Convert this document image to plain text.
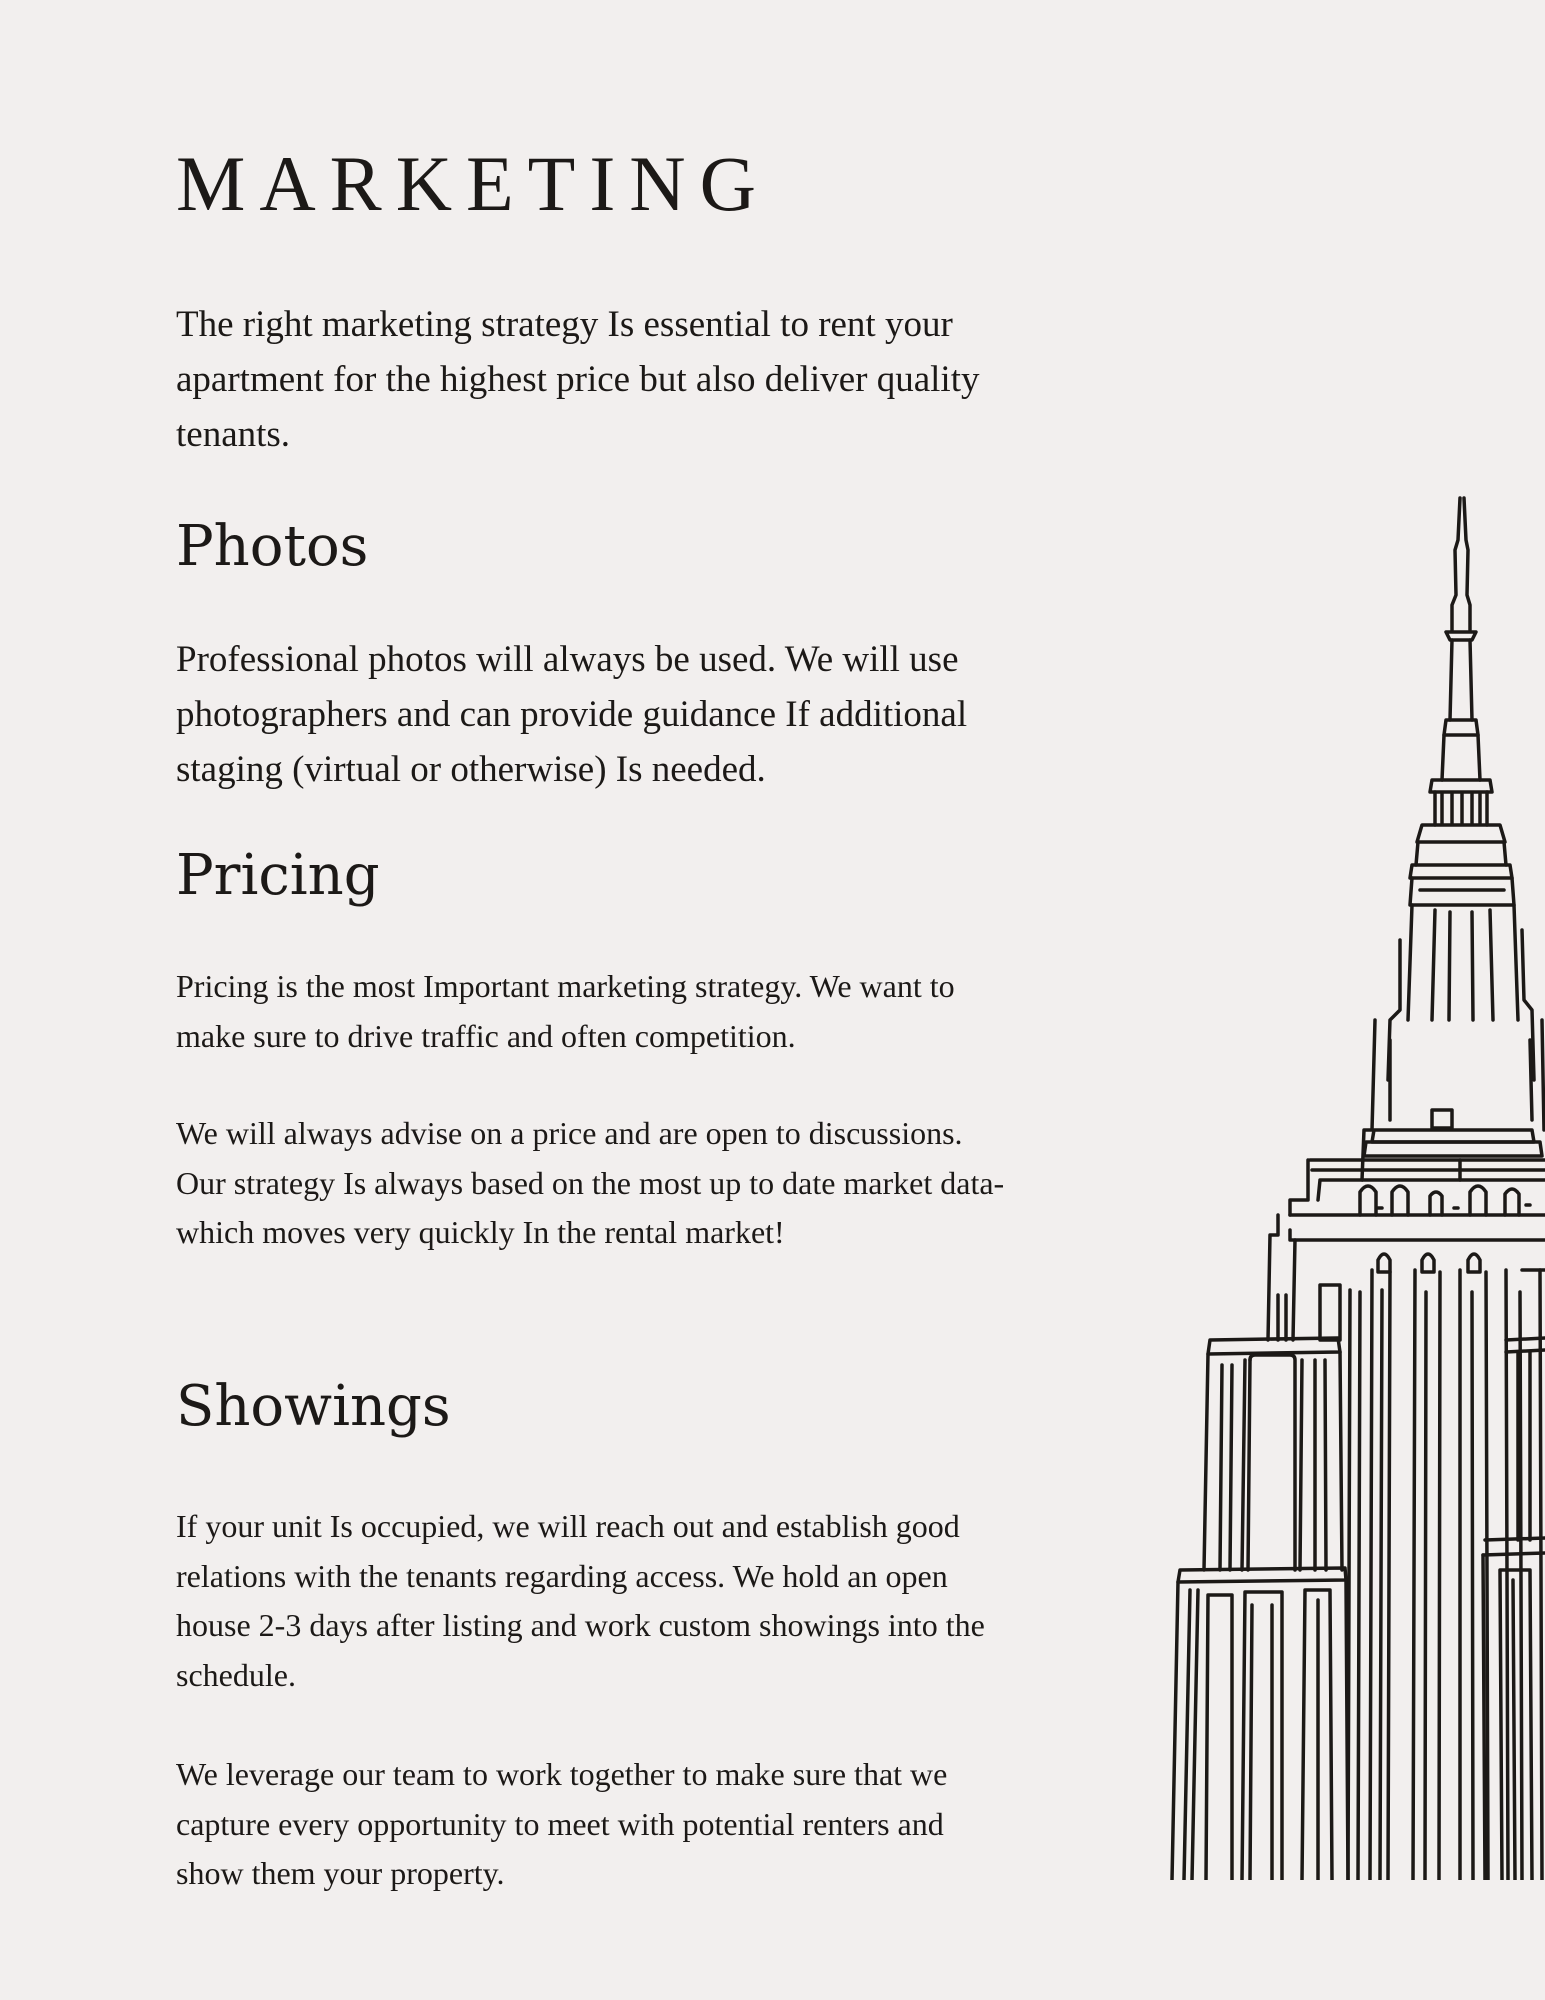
MARKETING

The right marketing strategy Is essential to rent your apartment for the highest price but also deliver quality tenants.

Photos

Professional photos will always be used. We will use photographers and can provide guidance If additional staging (virtual or otherwise) Is needed.

Pricing

Pricing is the most Important marketing strategy. We want to make sure to drive traffic and often competition.

We will always advise on a price and are open to discussions. Our strategy Is always based on the most up to date market data- which moves very quickly In the rental market!

Showings

If your unit Is occupied, we will reach out and establish good relations with the tenants regarding access. We hold an open house 2-3 days after listing and work custom showings into the schedule.

We leverage our team to work together to make sure that we capture every opportunity to meet with potential renters and show them your property.
